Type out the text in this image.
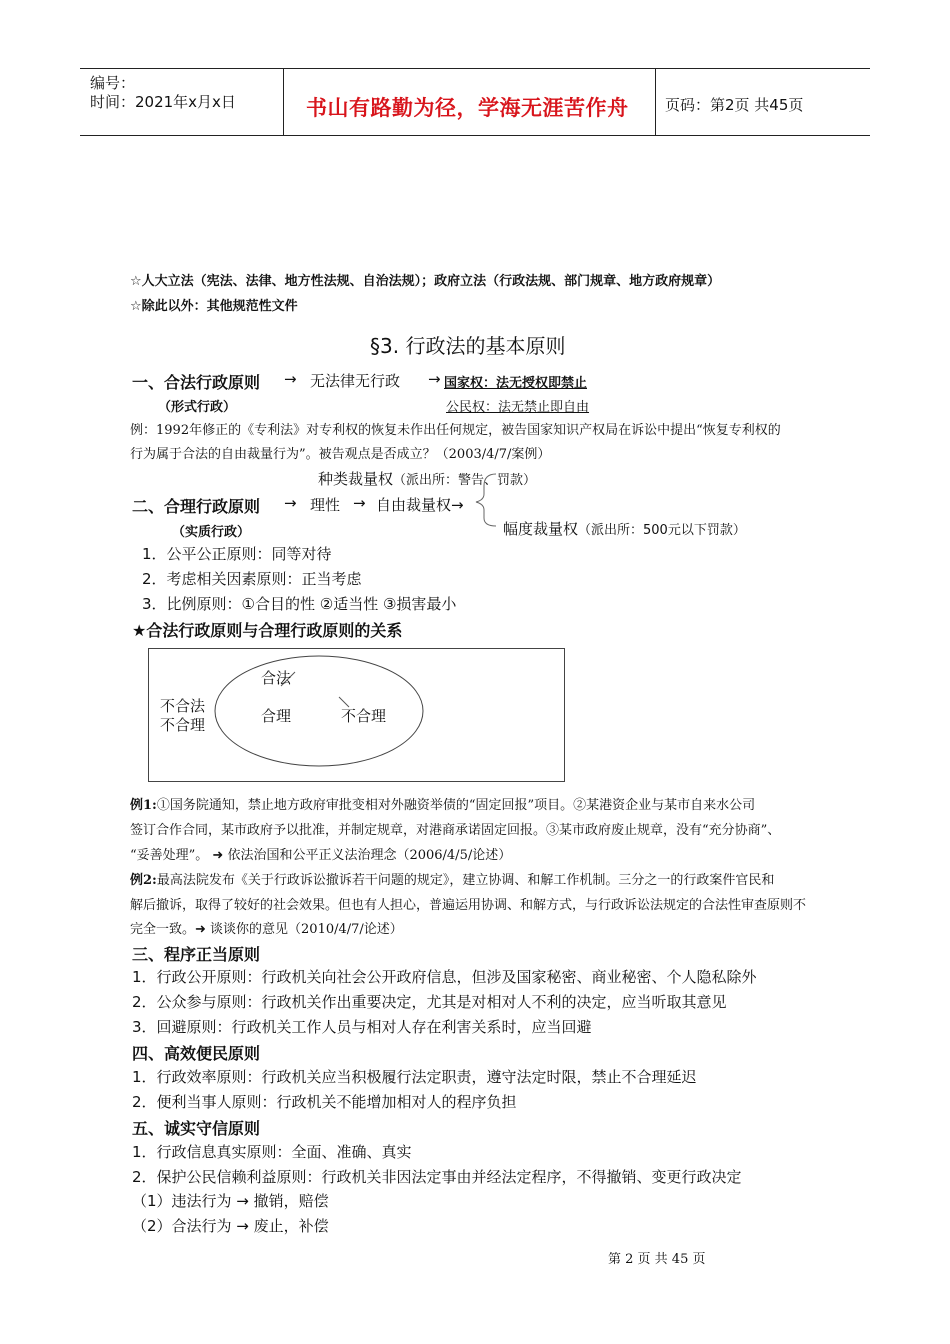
编号：
时间：2021年x月x日	书山有路勤为径，学海无涯苦作舟 页码：第2页 共45页
☆人大立法（宪法、法律、地方性法规、自治法规）；政府立法（行政法规、部门规章、地方政府规章）
☆除此以外：其他规范性文件
§3. 行政法的基本原则
一、合法行政原则 → 无法律无行政 → 国家权：法无授权即禁止
（形式行政）	公民权：法无禁止即自由
例：1992年修正的《专利法》对专利权的恢复未作出任何规定，被告国家知识产权局在诉讼中提出“恢复专利权的
行为属于合法的自由裁量行为”。被告观点是否成立？（2003/4/7/案例）
种类裁量权（派出所：警告、罚款）
二、合理行政原则 → 理性 → 自由裁量权→
（实质行政）	幅度裁量权（派出所：500元以下罚款）
1．公平公正原则：同等对待
2．考虑相关因素原则：正当考虑
3．比例原则：①合目的性 ②适当性 ③损害最小
★合法行政原则与合理行政原则的关系
合法
不合法
不合理	合理	不合理
例1:①国务院通知，禁止地方政府审批变相对外融资举债的“固定回报”项目。②某港资企业与某市自来水公司
签订合作合同，某市政府予以批准，并制定规章，对港商承诺固定回报。③某市政府废止规章，没有“充分协商”、
“妥善处理”。 ➜ 依法治国和公平正义法治理念（2006/4/5/论述）
例2:最高法院发布《关于行政诉讼撤诉若干问题的规定》，建立协调、和解工作机制。三分之一的行政案件官民和
解后撤诉，取得了较好的社会效果。但也有人担心，普遍运用协调、和解方式，与行政诉讼法规定的合法性审查原则不
完全一致。➜ 谈谈你的意见（2010/4/7/论述）
三、程序正当原则
1．行政公开原则：行政机关向社会公开政府信息，但涉及国家秘密、商业秘密、个人隐私除外
2．公众参与原则：行政机关作出重要决定，尤其是对相对人不利的决定，应当听取其意见
3．回避原则：行政机关工作人员与相对人存在利害关系时，应当回避
四、高效便民原则
1．行政效率原则：行政机关应当积极履行法定职责，遵守法定时限，禁止不合理延迟
2．便利当事人原则：行政机关不能增加相对人的程序负担
五、诚实守信原则
1．行政信息真实原则：全面、准确、真实
2．保护公民信赖利益原则：行政机关非因法定事由并经法定程序，不得撤销、变更行政决定
（1）违法行为 → 撤销，赔偿
（2）合法行为 → 废止，补偿
第 2 页 共 45 页
